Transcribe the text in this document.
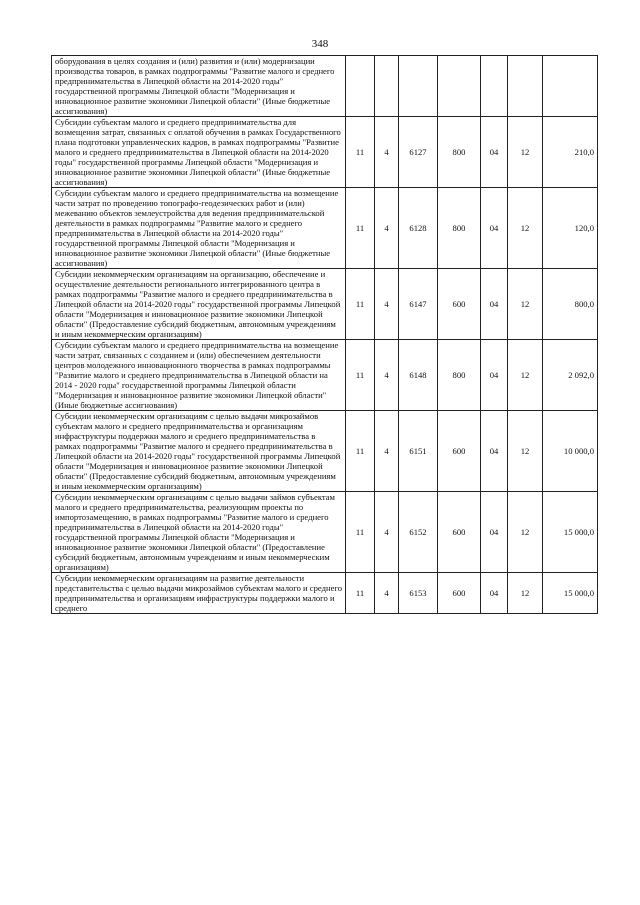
348
оборудования в целях создания и (или) развития и (или) модернизации производства товаров, в рамках подпрограммы "Развитие малого и среднего предпринимательства в Липецкой области на 2014-2020 годы" государственной программы Липецкой области "Модернизация и инновационное развитие экономики Липецкой области" (Иные бюджетные ассигнования)							
Субсидии субъектам малого и среднего предпринимательства для возмещения затрат, связанных с оплатой обучения в рамках Государственного плана подготовки управленческих кадров, в рамках подпрограммы "Развитие малого и среднего предпринимательства в Липецкой области на 2014-2020 годы" государственной программы Липецкой области "Модернизация и инновационное развитие экономики Липецкой области" (Иные бюджетные ассигнования)	11	4	6127	800	04	12	210,0
Субсидии субъектам малого и среднего предпринимательства на возмещение части затрат по проведению топографо-геодезических работ и (или) межеванию объектов землеустройства для ведения предпринимательской деятельности в рамках подпрограммы "Развитие малого и среднего предпринимательства в Липецкой области на 2014-2020 годы" государственной программы Липецкой области "Модернизация и инновационное развитие экономики Липецкой области" (Иные бюджетные ассигнования)	11	4	6128	800	04	12	120,0
Субсидии некоммерческим организациям на организацию, обеспечение и осуществление деятельности регионального интегрированного центра в рамках подпрограммы "Развитие малого и среднего предпринимательства в Липецкой области на 2014-2020 годы" государственной программы Липецкой области "Модернизация и инновационное развитие экономики Липецкой области" (Предоставление субсидий бюджетным, автономным учреждениям и иным некоммерческим организациям)	11	4	6147	600	04	12	800,0
Субсидии субъектам малого и среднего предпринимательства на возмещение части затрат, связанных с созданием и (или) обеспечением деятельности центров молодежного инновационного творчества в рамках подпрограммы "Развитие малого и среднего предпринимательства в Липецкой области на 2014 - 2020 годы" государственной программы Липецкой области "Модернизация и инновационное развитие экономики Липецкой области" (Иные бюджетные ассигнования)	11	4	6148	800	04	12	2 092,0
Субсидии некоммерческим организациям с целью выдачи микрозаймов субъектам малого и среднего предпринимательства и организациям инфраструктуры поддержки малого и среднего предпринимательства в рамках подпрограммы "Развитие малого и среднего предпринимательства в Липецкой области на 2014-2020 годы" государственной программы Липецкой области "Модернизация и инновационное развитие экономики Липецкой области" (Предоставление субсидий бюджетным, автономным учреждениям и иным некоммерческим организациям)	11	4	6151	600	04	12	10 000,0
Субсидии некоммерческим организациям с целью выдачи займов субъектам малого и среднего предпринимательства, реализующим проекты по импортозамещению, в рамках подпрограммы "Развитие малого и среднего предпринимательства в Липецкой области на 2014-2020 годы" государственной программы Липецкой области "Модернизация и инновационное развитие экономики Липецкой области" (Предоставление субсидий бюджетным, автономным учреждениям и иным некоммерческим организациям)	11	4	6152	600	04	12	15 000,0
Субсидии некоммерческим организациям на развитие деятельности представительства с целью выдачи микрозаймов субъектам малого и среднего предпринимательства и организациям инфраструктуры поддержки малого и среднего	11	4	6153	600	04	12	15 000,0
